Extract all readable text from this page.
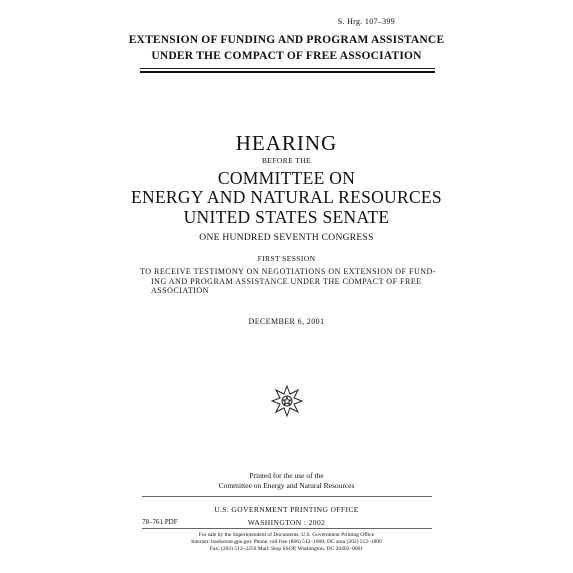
S. Hrg. 107–399
EXTENSION OF FUNDING AND PROGRAM ASSISTANCE
UNDER THE COMPACT OF FREE ASSOCIATION
HEARING
BEFORE THE
COMMITTEE ON
ENERGY AND NATURAL RESOURCES
UNITED STATES SENATE
ONE HUNDRED SEVENTH CONGRESS
FIRST SESSION
TO RECEIVE TESTIMONY ON NEGOTIATIONS ON EXTENSION OF FUND-
ING AND PROGRAM ASSISTANCE UNDER THE COMPACT OF FREE
ASSOCIATION
DECEMBER 6, 2001
Printed for the use of the
Committee on Energy and Natural Resources
U.S. GOVERNMENT PRINTING OFFICE
78–761 PDF	WASHINGTON : 2002
For sale by the Superintendent of Documents, U.S. Government Printing Office
Internet: bookstore.gpo.gov Phone: toll free (866) 512–1800; DC area (202) 512–1800
Fax: (202) 512–2250 Mail: Stop SSOP, Washington, DC 20402–0001
